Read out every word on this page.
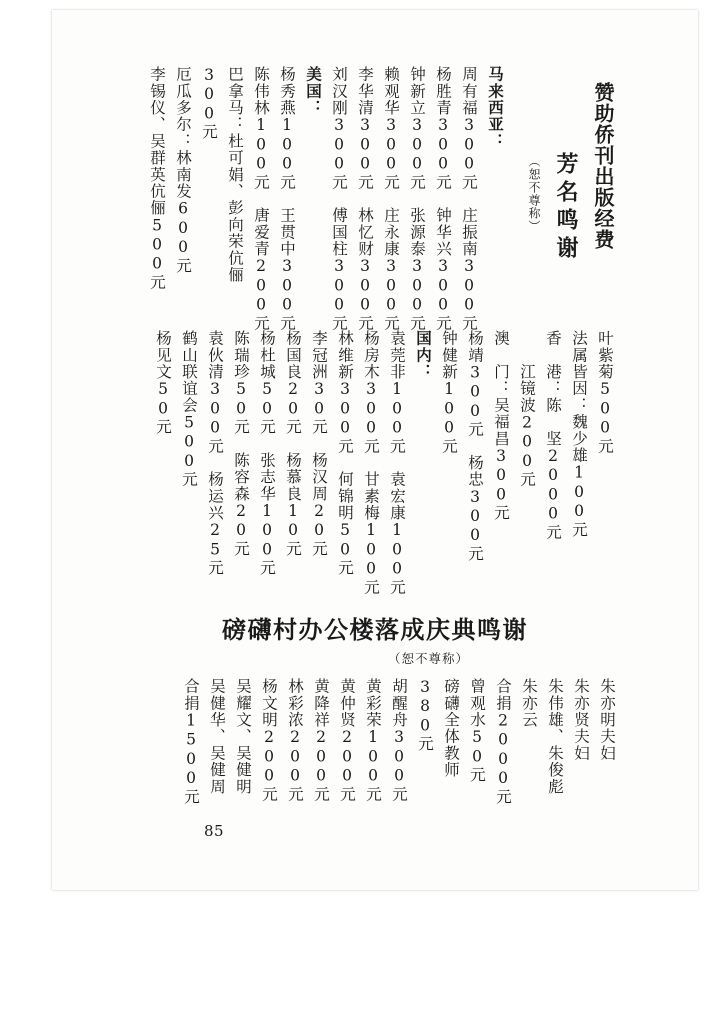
赞助侨刊出版经费
芳名鸣谢
（恕不尊称）
马来西亚：
周有福300元　庄振南300元
杨胜青300元　钟华兴300元
钟新立300元　张源泰300元
赖观华300元　庄永康300元
李华清300元　林忆财300元
刘汉刚300元　傅国柱300元
美国：
杨秀燕100元　王贯中300元
陈伟林100元　唐爱青200元
巴拿马：杜可娟、彭向荣伉俪
300元
厄瓜多尔：林南发600元
李锡仪、吴群英伉俪500元
叶紫菊500元
法属皆因：魏少雄100元
香　港：陈　坚2000元
　　江镜波200元
澳　门：吴福昌300元
杨靖300元　杨忠300元
钟健新100元
国内：
袁莞非100元　袁宏康100元
杨房木300元　甘素梅100元
林维新300元　何锦明50元
李冠洲30元　杨汉周20元
杨国良20元　杨慕良10元
杨杜城50元　张志华100元
陈瑞珍50元　陈容森20元
袁伙清300元　杨运兴25元
鹤山联谊会500元
杨见文50元
磅礴村办公楼落成庆典鸣谢
（恕不尊称）
朱亦明夫妇
朱亦贤夫妇
朱伟雄、朱俊彪
朱亦云
合捐2000元
曾观水50元
磅礴全体教师
380元
胡醒舟300元
黄彩荣100元
黄仲贤200元
黄降祥200元
林彩浓200元
杨文明200元
吴耀文、吴健明
吴健华、吴健周
合捐1500元
85
